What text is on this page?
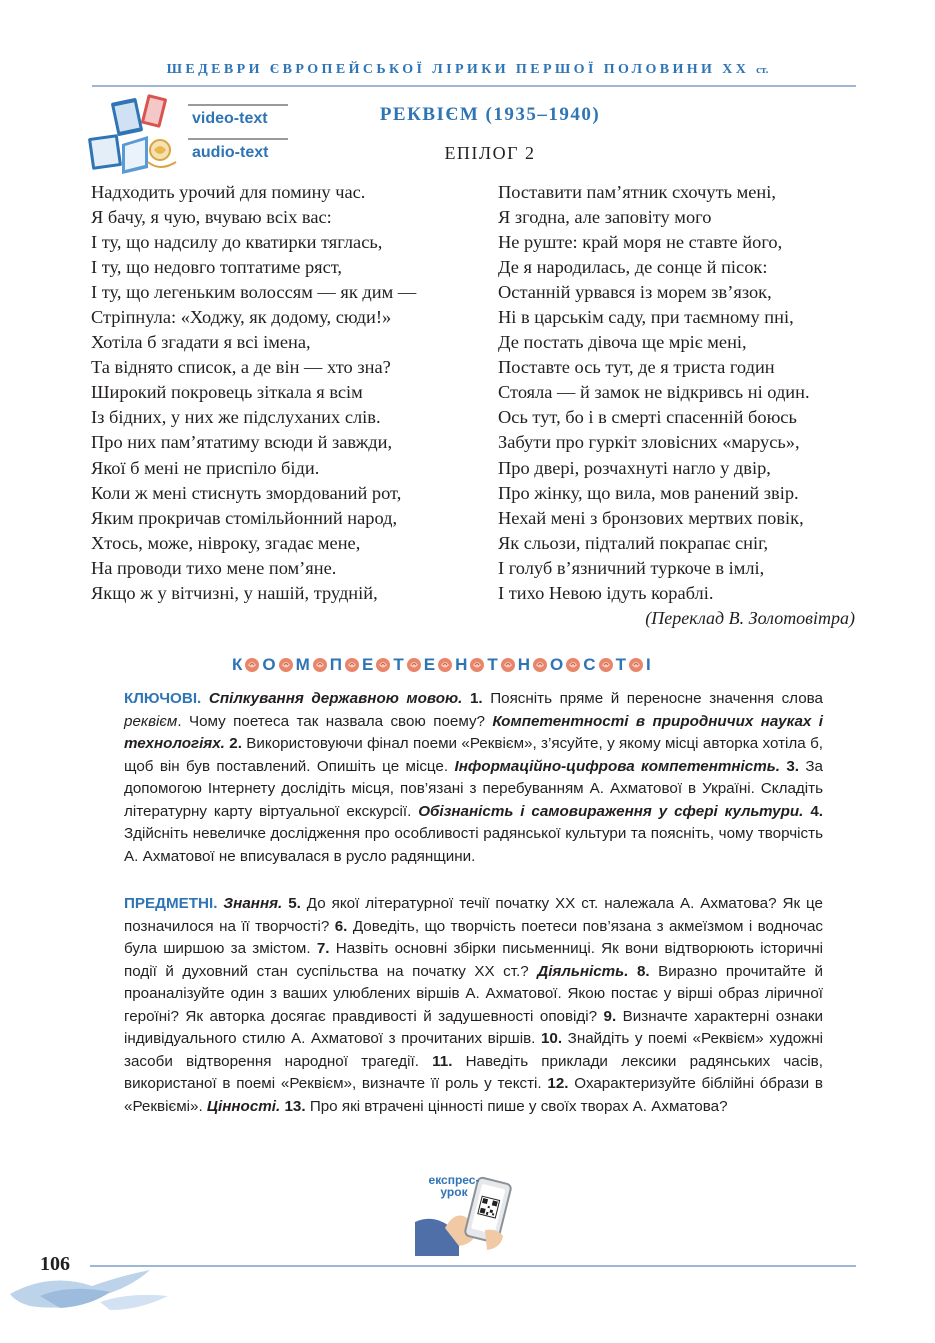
ШЕДЕВРИ ЄВРОПЕЙСЬКОЇ ЛІРИКИ ПЕРШОЇ ПОЛОВИНИ ХХ ст.
video-text
audio-text
РЕКВІЄМ (1935–1940)
ЕПІЛОГ 2
Надходить урочий для помину час.
Я бачу, я чую, вчуваю всіх вас:
І ту, що надсилу до кватирки тяглась,
І ту, що недовго топтатиме ряст,
І ту, що легеньким волоссям — як дим —
Стріпнула: «Ходжу, як додому, сюди!»
Хотіла б згадати я всі імена,
Та віднято список, а де він — хто зна?
Широкий покровець зіткала я всім
Із бідних, у них же підслуханих слів.
Про них пам’ятатиму всюди й завжди,
Якої б мені не приспіло біди.
Коли ж мені стиснуть змордований рот,
Яким прокричав стомільйонний народ,
Хтось, може, нівроку, згадає мене,
На проводи тихо мене пом’яне.
Якщо ж у вітчизні, у нашій, трудній,
Поставити пам’ятник схочуть мені,
Я згодна, але заповіту мого
Не руште: край моря не ставте його,
Де я народилась, де сонце й пісок:
Останній урвався із морем зв’язок,
Ні в царськім саду, при таємному пні,
Де постать дівоча ще мріє мені,
Поставте ось тут, де я триста годин
Стояла — й замок не відкривсь ні один.
Ось тут, бо і в смерті спасенній боюсь
Забути про гуркіт зловісних «марусь»,
Про двері, розчахнуті нагло у двір,
Про жінку, що вила, мов ранений звір.
Нехай мені з бронзових мертвих повік,
Як сльози, підталий покрапає сніг,
І голуб в’язничний туркоче в імлі,
І тихо Невою ідуть кораблі.
(Переклад В. Золотовітра)
К О М П Е Т Е Н Т Н О С Т І
КЛЮЧОВІ. Спілкування державною мовою. 1. Поясніть пряме й переносне значення слова реквієм. Чому поетеса так назвала свою поему? Компетентності в природничих науках і технологіях. 2. Використовуючи фінал поеми «Реквієм», з’ясуйте, у якому місці авторка хотіла б, щоб він був поставлений. Опишіть це місце. Інформаційно-цифрова компетентність. 3. За допомогою Інтернету дослідіть місця, пов’язані з перебуванням А. Ахматової в Україні. Складіть літературну карту віртуальної екскурсії. Обізнаність і самовираження у сфері культури. 4. Здійсніть невеличке дослідження про особливості радянської культури та поясніть, чому творчість А. Ахматової не вписувалася в русло радянщини.
ПРЕДМЕТНІ. Знання. 5. До якої літературної течії початку ХХ ст. належала А. Ахматова? Як це позначилося на її творчості? 6. Доведіть, що творчість поетеси пов’язана з акмеїзмом і водночас була ширшою за змістом. 7. Назвіть основні збірки письменниці. Як вони відтворюють історичні події й духовний стан суспільства на початку ХХ ст.? Діяльність. 8. Виразно прочитайте й проаналізуйте один з ваших улюблених віршів А. Ахматової. Якою постає у вірші образ ліричної героїні? Як авторка досягає правдивості й задушевності оповіді? 9. Визначте характерні ознаки індивідуального стилю А. Ахматової з прочитаних віршів. 10. Знайдіть у поемі «Реквієм» художні засоби відтворення народної трагедії. 11. Наведіть приклади лексики радянських часів, використаної в поемі «Реквієм», визначте її роль у тексті. 12. Охарактеризуйте біблійні óбрази в «Реквіємі». Цінності. 13. Про які втрачені цінності пише у своїх творах А. Ахматова?
експрес-
урок
106
